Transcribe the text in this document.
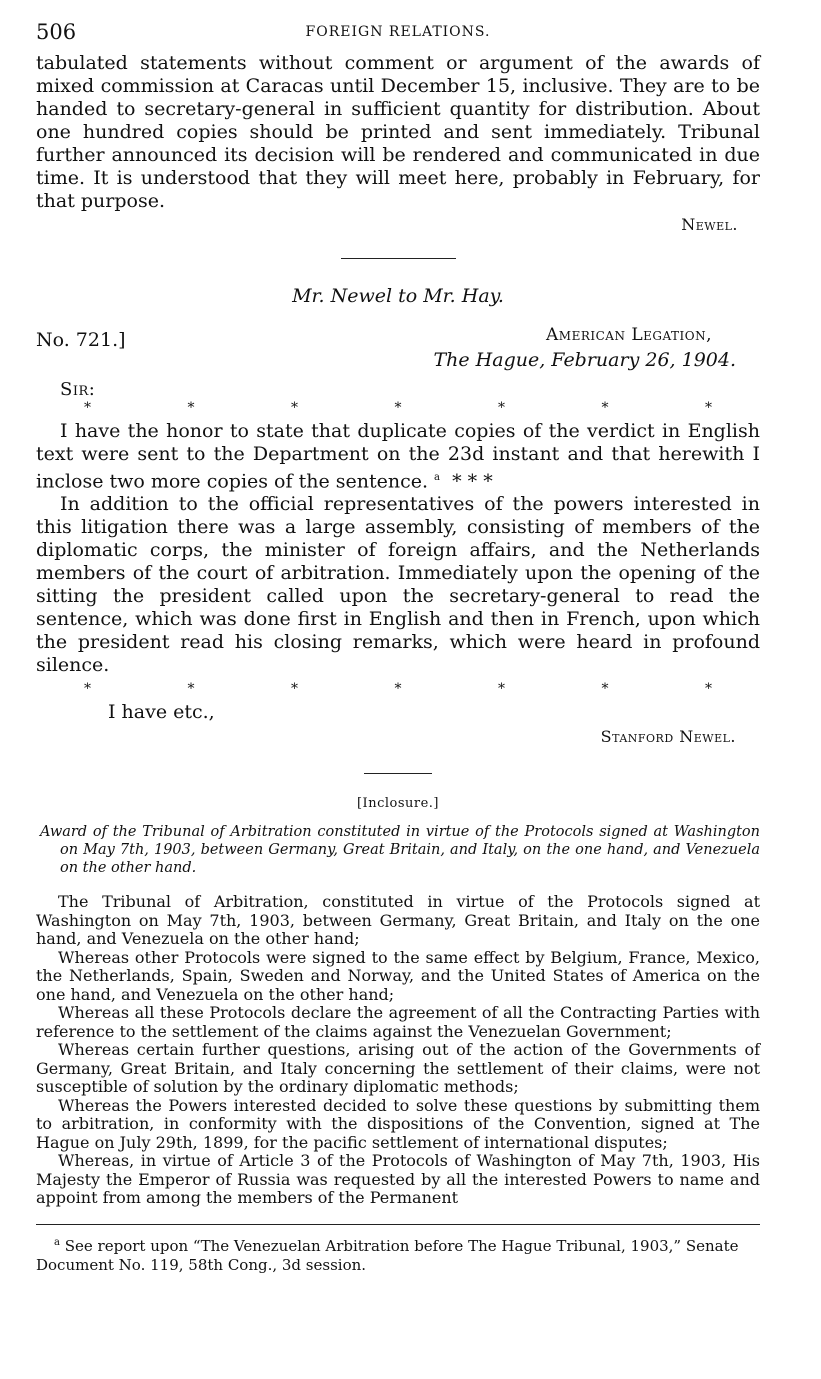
506	FOREIGN RELATIONS.

tabulated statements without comment or argument of the awards of mixed commission at Caracas until December 15, inclusive. They are to be handed to secretary-general in sufficient quantity for distribution. About one hundred copies should be printed and sent immediately. Tribunal further announced its decision will be rendered and communicated in due time. It is understood that they will meet here, probably in February, for that purpose.

Newel.
Mr. Newel to Mr. Hay.
No. 721.]	American Legation,
The Hague, February 26, 1904.
Sir:
*	*	*	*	*	*	*

I have the honor to state that duplicate copies of the verdict in English text were sent to the Department on the 23d instant and that herewith I inclose two more copies of the sentence. $^a$ * * *

In addition to the official representatives of the powers interested in this litigation there was a large assembly, consisting of members of the diplomatic corps, the minister of foreign affairs, and the Netherlands members of the court of arbitration. Immediately upon the opening of the sitting the president called upon the secretary-general to read the sentence, which was done first in English and then in French, upon which the president read his closing remarks, which were heard in profound silence.

*	*	*	*	*	*	*
I have etc.,
Stanford Newel.
[Inclosure.]

Award of the Tribunal of Arbitration constituted in virtue of the Protocols signed at Washington on May 7th, 1903, between Germany, Great Britain, and Italy, on the one hand, and Venezuela on the other hand.

The Tribunal of Arbitration, constituted in virtue of the Protocols signed at Washington on May 7th, 1903, between Germany, Great Britain, and Italy on the one hand, and Venezuela on the other hand;

Whereas other Protocols were signed to the same effect by Belgium, France, Mexico, the Netherlands, Spain, Sweden and Norway, and the United States of America on the one hand, and Venezuela on the other hand;

Whereas all these Protocols declare the agreement of all the Contracting Parties with reference to the settlement of the claims against the Venezuelan Government;

Whereas certain further questions, arising out of the action of the Governments of Germany, Great Britain, and Italy concerning the settlement of their claims, were not susceptible of solution by the ordinary diplomatic methods;

Whereas the Powers interested decided to solve these questions by submitting them to arbitration, in conformity with the dispositions of the Convention, signed at The Hague on July 29th, 1899, for the pacific settlement of international disputes;

Whereas, in virtue of Article 3 of the Protocols of Washington of May 7th, 1903, His Majesty the Emperor of Russia was requested by all the interested Powers to name and appoint from among the members of the Permanent

$^a$ See report upon “The Venezuelan Arbitration before The Hague Tribunal, 1903,” Senate Document No. 119, 58th Cong., 3d session.
